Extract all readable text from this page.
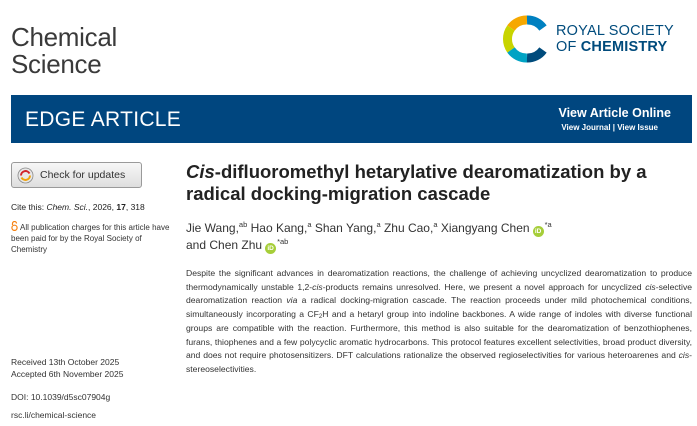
Chemical
Science
ROYAL SOCIETY
OF CHEMISTRY
EDGE ARTICLE	View Article Online
View Journal | View Issue
Check for updates
Cite this: Chem. Sci., 2026, 17, 318
All publication charges for this article have been paid for by the Royal Society of Chemistry
Received 13th October 2025
Accepted 6th November 2025
DOI: 10.1039/d5sc07904g
rsc.li/chemical-science
Cis-difluoromethyl hetarylative dearomatization by a radical docking-migration cascade
Jie Wang,$^{ab}$ Hao Kang,$^a$ Shan Yang,$^a$ Zhu Cao,$^a$ Xiangyang Chen $iD^{*a}$
and Chen Zhu $iD^{*ab}$
Despite the significant advances in dearomatization reactions, the challenge of achieving uncyclized dearomatization to produce thermodynamically unstable 1,2-cis-products remains unresolved. Here, we present a novel approach for uncyclized cis-selective dearomatization reaction via a radical docking-migration cascade. The reaction proceeds under mild photochemical conditions, simultaneously incorporating a $CF_2H$ and a hetaryl group into indoline backbones. A wide range of indoles with diverse functional groups are compatible with the reaction. Furthermore, this method is also suitable for the dearomatization of benzothiophenes, furans, thiophenes and a few polycyclic aromatic hydrocarbons. This protocol features excellent selectivities, broad product diversity, and does not require photosensitizers. DFT calculations rationalize the observed regioselectivities for various heteroarenes and cis-stereoselectivities.
